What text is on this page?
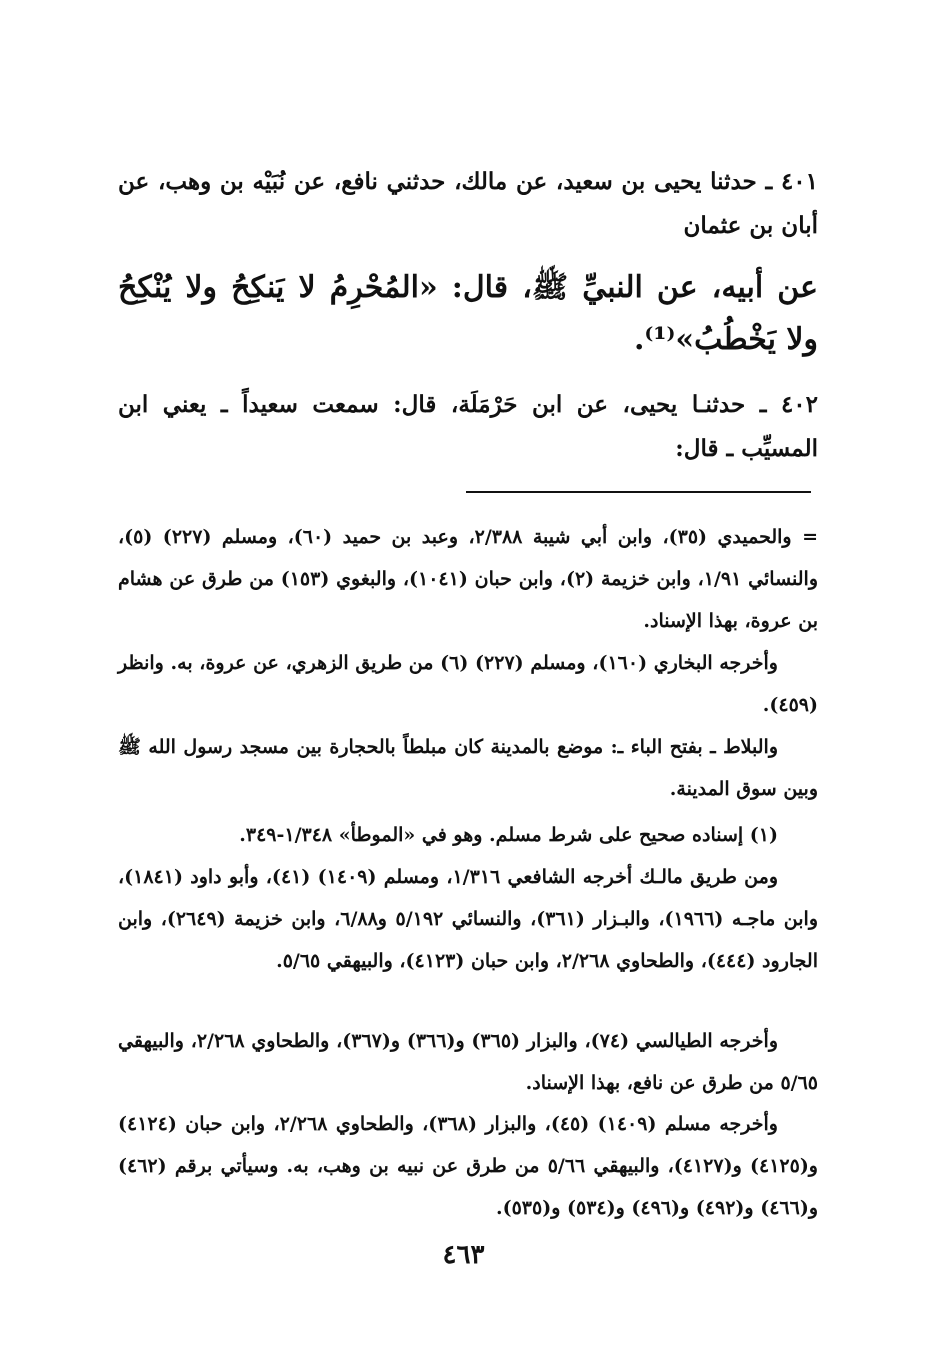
٤٠١ ـ حدثنا يحيى بن سعيد، عن مالك، حدثني نافع، عن نُبَيْه بن وهب، عن أبان بن عثمان
عن أبيه، عن النبيِّ ﷺ، قال: «المُحْرِمُ لا يَنكِحُ ولا يُنْكِحُ ولا يَخْطُبُ»⁽¹⁾.
٤٠٢ ـ حدثنـا يحيى، عن ابن حَرْمَلَة، قال: سمعت سعيداً ـ يعني ابن المسيِّب ـ قال:
= والحميدي (٣٥)، وابن أبي شيبة ٢/٣٨٨، وعبد بن حميد (٦٠)، ومسلم (٢٢٧) (٥)، والنسائي ١/٩١، وابن خزيمة (٢)، وابن حبان (١٠٤١)، والبغوي (١٥٣) من طرق عن هشام بن عروة، بهذا الإسناد.
وأخرجه البخاري (١٦٠)، ومسلم (٢٢٧) (٦) من طريق الزهري، عن عروة، به. وانظر (٤٥٩).
والبلاط ـ بفتح الباء ـ: موضع بالمدينة كان مبلطاً بالحجارة بين مسجد رسول الله ﷺ وبين سوق المدينة.
(١) إسناده صحيح على شرط مسلم. وهو في «الموطأ» ١/٣٤٨-٣٤٩.
ومن طريق مالـك أخرجه الشافعي ١/٣١٦، ومسلم (١٤٠٩) (٤١)، وأبو داود (١٨٤١)، وابن ماجـه (١٩٦٦)، والبـزار (٣٦١)، والنسائي ٥/١٩٢ و٦/٨٨، وابن خزيمة (٢٦٤٩)، وابن الجارود (٤٤٤)، والطحاوي ٢/٢٦٨، وابن حبان (٤١٢٣)، والبيهقي ٥/٦٥.
وأخرجه الطيالسي (٧٤)، والبزار (٣٦٥) و(٣٦٦) و(٣٦٧)، والطحاوي ٢/٢٦٨، والبيهقي ٥/٦٥ من طرق عن نافع، بهذا الإسناد.
وأخرجه مسلم (١٤٠٩) (٤٥)، والبزار (٣٦٨)، والطحاوي ٢/٢٦٨، وابن حبان (٤١٢٤) و(٤١٢٥) و(٤١٢٧)، والبيهقي ٥/٦٦ من طرق عن نبيه بن وهب، به. وسيأتي برقم (٤٦٢) و(٤٦٦) و(٤٩٢) و(٤٩٦) و(٥٣٤) و(٥٣٥).
٤٦٣
